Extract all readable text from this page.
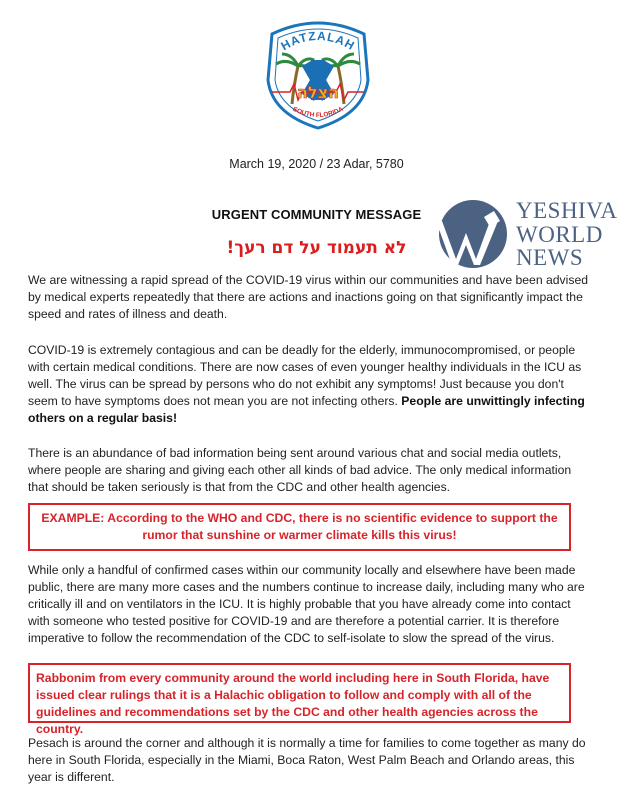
הצלה
HATZALAH
SOUTH FLORIDA
March 19, 2020 / 23 Adar, 5780
URGENT COMMUNITY MESSAGE
לא תעמוד על דם רעך!
YESHIVA
WORLD
NEWS
We are witnessing a rapid spread of the COVID-19 virus within our communities and have been advised by medical experts repeatedly that there are actions and inactions going on that significantly impact the speed and rates of illness and death.
COVID-19 is extremely contagious and can be deadly for the elderly, immunocompromised, or people with certain medical conditions. There are now cases of even younger healthy individuals in the ICU as well. The virus can be spread by persons who do not exhibit any symptoms! Just because you don't seem to have symptoms does not mean you are not infecting others. People are unwittingly infecting others on a regular basis!
There is an abundance of bad information being sent around various chat and social media outlets, where people are sharing and giving each other all kinds of bad advice. The only medical information that should be taken seriously is that from the CDC and other health agencies.
EXAMPLE: According to the WHO and CDC, there is no scientific evidence to support the rumor that sunshine or warmer climate kills this virus!
While only a handful of confirmed cases within our community locally and elsewhere have been made public, there are many more cases and the numbers continue to increase daily, including many who are critically ill and on ventilators in the ICU. It is highly probable that you have already come into contact with someone who tested positive for COVID-19 and are therefore a potential carrier. It is therefore imperative to follow the recommendation of the CDC to self-isolate to slow the spread of the virus.
Rabbonim from every community around the world including here in South Florida, have issued clear rulings that it is a Halachic obligation to follow and comply with all of the guidelines and recommendations set by the CDC and other health agencies across the country.
Pesach is around the corner and although it is normally a time for families to come together as many do here in South Florida, especially in the Miami, Boca Raton, West Palm Beach and Orlando areas, this year is different.
